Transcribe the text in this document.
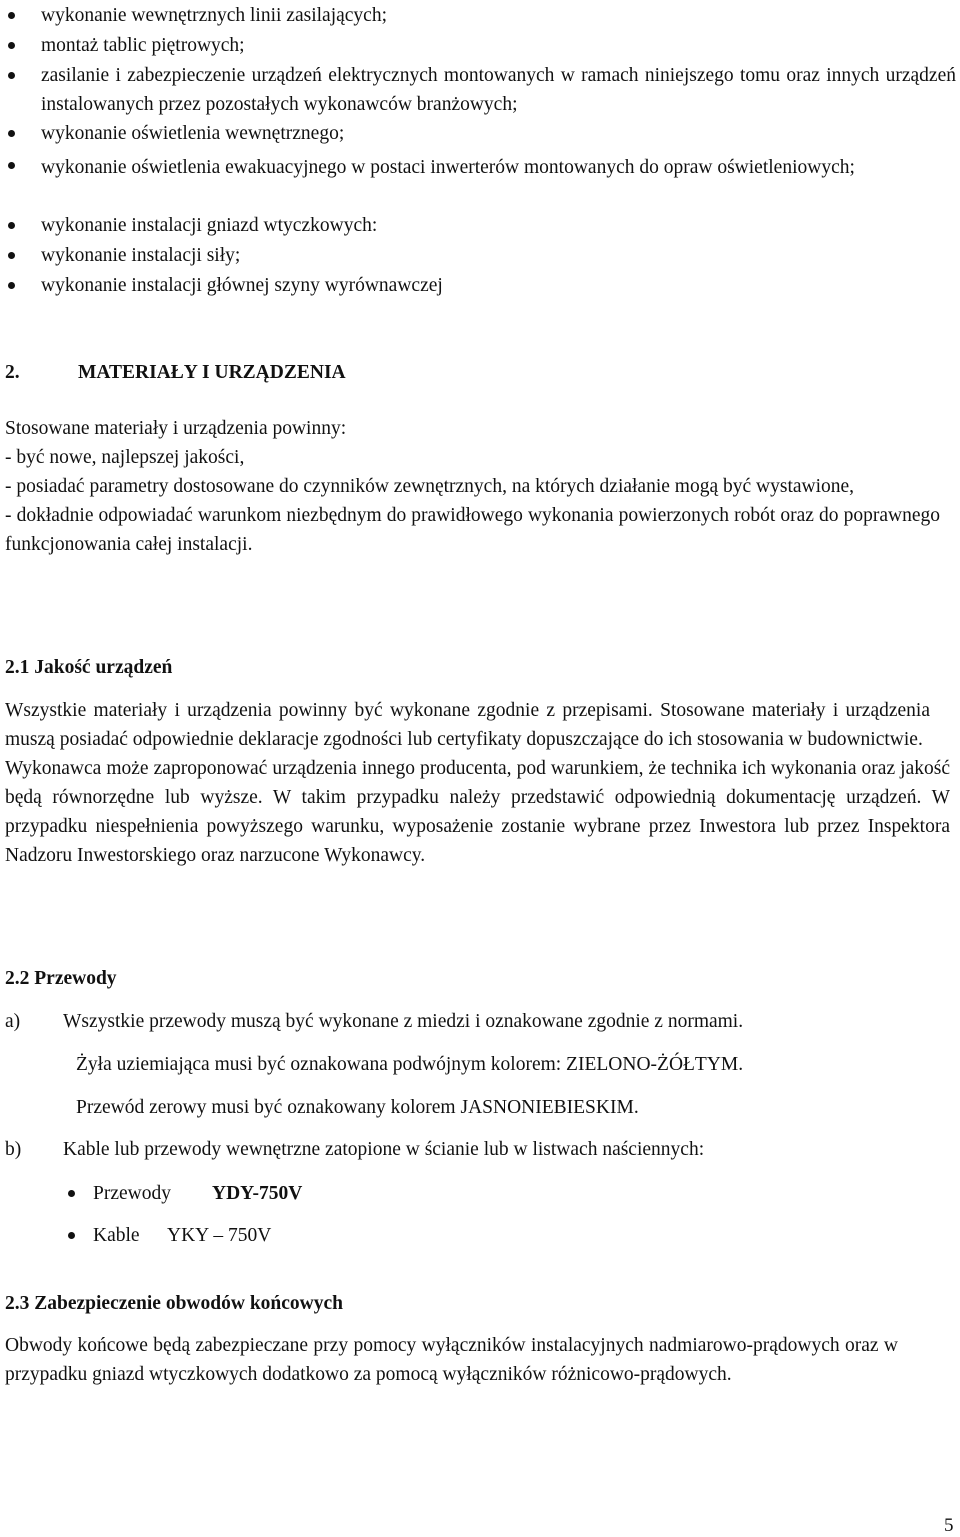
wykonanie wewnętrznych linii zasilających;
montaż tablic piętrowych;
zasilanie i zabezpieczenie urządzeń elektrycznych montowanych w ramach niniejszego tomu oraz innych urządzeń instalowanych przez pozostałych wykonawców branżowych;
wykonanie oświetlenia wewnętrznego;
wykonanie oświetlenia ewakuacyjnego w postaci inwerterów montowanych do opraw oświetleniowych;
wykonanie instalacji gniazd wtyczkowych:
wykonanie instalacji siły;
wykonanie instalacji głównej szyny wyrównawczej
2.	MATERIAŁY I URZĄDZENIA

Stosowane materiały i urządzenia powinny:

- być nowe, najlepszej jakości,

- posiadać parametry dostosowane do czynników zewnętrznych, na których działanie mogą być wystawione,

- dokładnie odpowiadać warunkom niezbędnym do prawidłowego wykonania powierzonych robót oraz do poprawnego funkcjonowania całej instalacji.

2.1 Jakość urządzeń

Wszystkie materiały i urządzenia powinny być wykonane zgodnie z przepisami. Stosowane materiały i urządzenia muszą posiadać odpowiednie deklaracje zgodności lub certyfikaty dopuszczające do ich stosowania w budownictwie.

Wykonawca może zaproponować urządzenia innego producenta, pod warunkiem, że technika ich wykonania oraz jakość będą równorzędne lub wyższe. W takim przypadku należy przedstawić odpowiednią dokumentację urządzeń. W przypadku niespełnienia powyższego warunku, wyposażenie zostanie wybrane przez Inwestora lub przez Inspektora Nadzoru Inwestorskiego oraz narzucone Wykonawcy.

2.2 Przewody
a) Wszystkie przewody muszą być wykonane z miedzi i oznakowane zgodnie z normami.
Żyła uziemiająca musi być oznakowana podwójnym kolorem: ZIELONO-ŻÓŁTYM.
Przewód zerowy musi być oznakowany kolorem JASNONIEBIESKIM.
b) Kable lub przewody wewnętrzne zatopione w ścianie lub w listwach naściennych:
Przewody YDY-750V
Kable YKY – 750V
2.3 Zabezpieczenie obwodów końcowych

Obwody końcowe będą zabezpieczane przy pomocy wyłączników instalacyjnych nadmiarowo-prądowych oraz w przypadku gniazd wtyczkowych dodatkowo za pomocą wyłączników różnicowo-prądowych.

5
